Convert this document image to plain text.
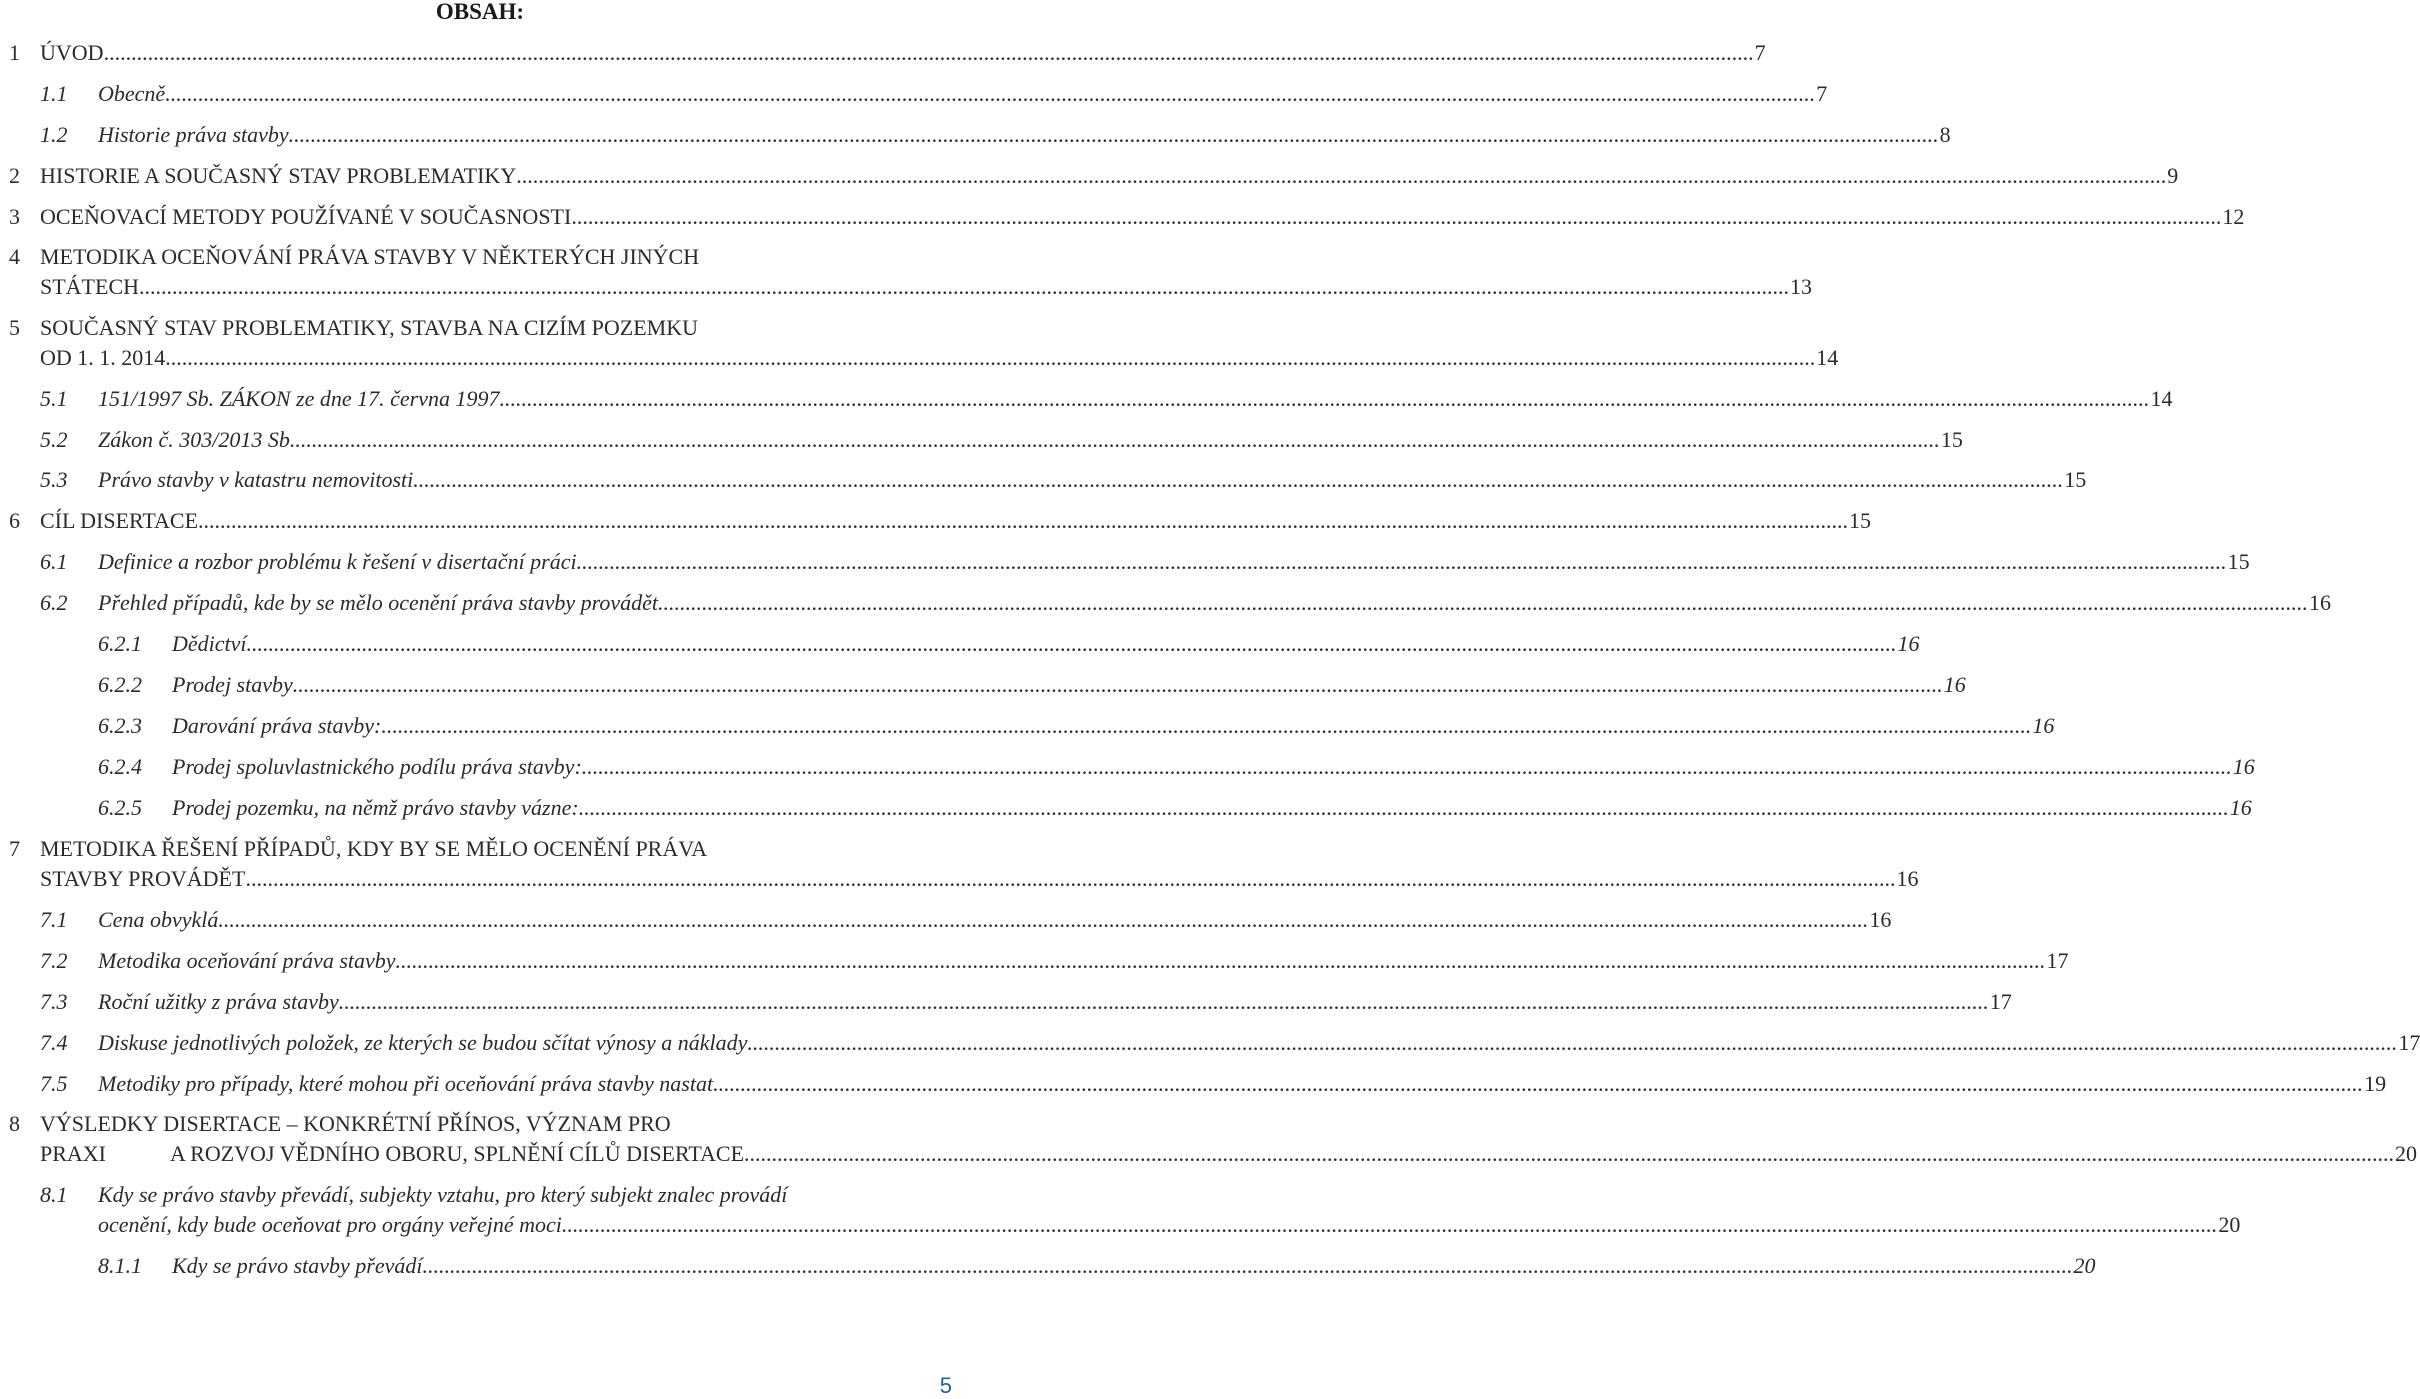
OBSAH:
1 ÚVOD ............................................................................................................................................................................................................................................................................................................ 7
1.1 Obecně ............................................................................................................................................................................................................................................................................................................ 7
1.2 Historie práva stavby ............................................................................................................................................................................................................................................................................................................ 8
2 HISTORIE A SOUČASNÝ STAV PROBLEMATIKY ............................................................................................................................................................................................................................................................................................................ 9
3 OCEŇOVACÍ METODY POUŽÍVANÉ V SOUČASNOSTI ............................................................................................................................................................................................................................................................................................................ 12
4 METODIKA OCEŇOVÁNÍ PRÁVA STAVBY V NĚKTERÝCH JINÝCH
STÁTECH ............................................................................................................................................................................................................................................................................................................ 13
5 SOUČASNÝ STAV PROBLEMATIKY, STAVBA NA CIZÍM POZEMKU
OD 1. 1. 2014 ............................................................................................................................................................................................................................................................................................................ 14
5.1 151/1997 Sb. ZÁKON ze dne 17. června 1997 ............................................................................................................................................................................................................................................................................................................ 14
5.2 Zákon č. 303/2013 Sb ............................................................................................................................................................................................................................................................................................................ 15
5.3 Právo stavby v katastru nemovitosti ............................................................................................................................................................................................................................................................................................................ 15
6 CÍL DISERTACE ............................................................................................................................................................................................................................................................................................................ 15
6.1 Definice a rozbor problému k řešení v disertační práci ............................................................................................................................................................................................................................................................................................................ 15
6.2 Přehled případů, kde by se mělo ocenění práva stavby provádět ............................................................................................................................................................................................................................................................................................................ 16
6.2.1 Dědictví ............................................................................................................................................................................................................................................................................................................ 16
6.2.2 Prodej stavby ............................................................................................................................................................................................................................................................................................................ 16
6.2.3 Darování práva stavby: ............................................................................................................................................................................................................................................................................................................ 16
6.2.4 Prodej spoluvlastnického podílu práva stavby: ............................................................................................................................................................................................................................................................................................................ 16
6.2.5 Prodej pozemku, na němž právo stavby vázne: ............................................................................................................................................................................................................................................................................................................ 16
7 METODIKA ŘEŠENÍ PŘÍPADŮ, KDY BY SE MĚLO OCENĚNÍ PRÁVA
STAVBY PROVÁDĚT ............................................................................................................................................................................................................................................................................................................ 16
7.1 Cena obvyklá ............................................................................................................................................................................................................................................................................................................ 16
7.2 Metodika oceňování práva stavby ............................................................................................................................................................................................................................................................................................................ 17
7.3 Roční užitky z práva stavby ............................................................................................................................................................................................................................................................................................................ 17
7.4 Diskuse jednotlivých položek, ze kterých se budou sčítat výnosy a náklady ............................................................................................................................................................................................................................................................................................................ 17
7.5 Metodiky pro případy, které mohou při oceňování práva stavby nastat ............................................................................................................................................................................................................................................................................................................ 19
8 VÝSLEDKY DISERTACE – KONKRÉTNÍ PŘÍNOS, VÝZNAM PRO
PRAXI	A ROZVOJ VĚDNÍHO OBORU, SPLNĚNÍ CÍLŮ DISERTACE ............................................................................................................................................................................................................................................................................................................ 20
8.1 Kdy se právo stavby převádí, subjekty vztahu, pro který subjekt znalec provádí
ocenění, kdy bude oceňovat pro orgány veřejné moci. ............................................................................................................................................................................................................................................................................................................ 20
8.1.1 Kdy se právo stavby převádí ............................................................................................................................................................................................................................................................................................................ 20
5
